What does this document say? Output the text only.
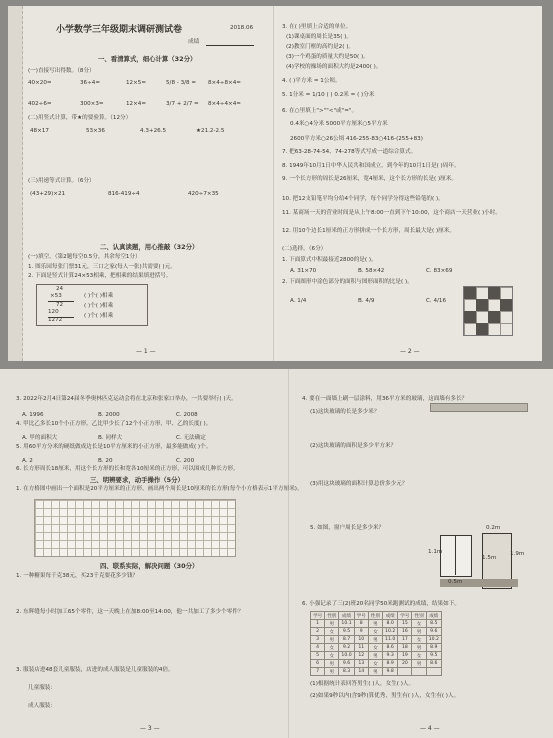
小学数学三年级期末调研测试卷	2018.06
成绩
一、看清算式，细心计算（32分）
(一)直接写出得数。（8分）
40×20=	36÷4=	12×5=	5/8 - 3/8 = 8×4÷8×4=
402÷6=	300×3=	12×4=	3/7 + 2/7 = 8×4÷4×4=
(二)用竖式计算，带★的要验算。（12分）
48×17	53×36	4.3+26.5	★21.2-2.5
(三)用递等式计算。（6分）
(43+29)×21	816-419÷4	420÷7×35
二、认真读题，用心推敲（32分）
(一)填空。（第2题每空0.5分，其余每空1分）
1. 图乐园每张门票31元，三口之家(每人一张)共需要( )元。
2. 下面是竖式计算24×53相乘，把相乘的结果填进括号。
24
×53
72
120
1272
( )个( )相乘
( )个( )相乘
( )个( )相乘
— 1 —
3. 在( )里填上合适的单位。
(1)课桌面的周长是35( )。
(2)教室门框的高约是2( )。
(3)一个鸡蛋的质量大约是50( )。
(4)学校的操场的面积大约是2400( )。
4. ( )平方米 = 1公顷。
5. 1分米 = 1/10 ( ) 0.2米 = ( )分米
6. 在○里填上">""<"或"="。
0.4米○4分米 5000平方厘米○5平方米
2600平方米○26公顷 416-255-83○416-(255+83)
7. 把63-28-74-54、74-278等式写成一道综合算式。
8. 1949年10月1日中华人民共和国成立，到今年的10月1日是( )周年。
9. 一个长方形的周长是26厘米，宽4厘米，这个长方形的长是( )厘米。
10. 把12支铅笔平均分给4个同学，每个同学分得这些铅笔的( )。
11. 某商场一天的营业时间是从上午8:00一直到下午10:00，这个商店一天营业( )小时。
12. 用10个边长1厘米的正方形拼成一个长方形，周长最大是( )厘米。
(二)选择。（6分）
1. 下面算式中积最接近2800的是( )。
A. 31×70	B. 58×42	C. 83×69
2. 下面图形中涂色部分的面积与图形面积的比是( )。
A. 1/4	B. 4/9	C. 4/16
— 2 —
3. 2022年2月4日第24届冬季奥林匹克运动会将在北京和张家口举办，一共要举行( )天。
A. 1996	B. 2000	C. 2008
4. 甲比乙多长10个小正方形，乙比甲少长了12个小正方形，甲、乙的长度( )。
A. 甲的面积大	B. 同样大	C. 无法确定
5. 用60平方分米的硬纸做成边长是10平方厘米的小正方形，最多能做成( )个。
A. 2	B. 20	C. 200
6. 长方形周长18厘米，用这个长方形的长和宽各10厘米的正方形，可以围成几种长方形。
三、明辨要求，动手操作（5分）
1. 在方格图中画出一个面积是20平方厘米的正方形，画出两个周长是10厘米的长方形(每个小方格表示1平方厘米)。
四、联系实际，解决问题（30分）
1. 一种糖果每千克38元，买23千克要花多少钱？
2. 东辉缝每小时加工65个零件，这一天晚上在加8:00至14:00，他一共加工了多少个零件？
3. 服装店进48套儿童服装，店进的成人服装是儿童服装的4倍。
儿童服装：
成人服装：
— 3 —
4. 要在一面墙上刷一层涂料，用36平方米的玻璃，这面墙有多长？
(1)这块玻璃的长是多少米？
(2)这块玻璃的面积是多少平方米？
(3)用这块玻璃的面积计算总价多少元？
5. 如图，窗户周长是多少米？
1.1m
0.2m
1.5m
1.9m
0.5m
6. 小强记录了三(2)班20名同学50米跑测试的成绩，结果如下。
学号	性别	成绩	学号	性别	成绩	学号	性别	成绩
1	男	10.1	8	男	8.0	15	女	8.5
2	女	9.5	9	女	10.2	16	男	9.6
3	男	8.7	10	男	11.0	17	女	10.2
4	女	9.2	11	女	8.6	18	男	8.9
5	女	10.0	12	男	9.3	19	女	9.5
6	男	9.6	13	女	8.9	20	男	8.6
7	男	8.3	14	男	9.8			
(1)根据统计表回答男生( )人，女生( )人。
(2)如果9秒以内(含9秒)算优秀，男生有( )人，女生有( )人。
— 4 —
